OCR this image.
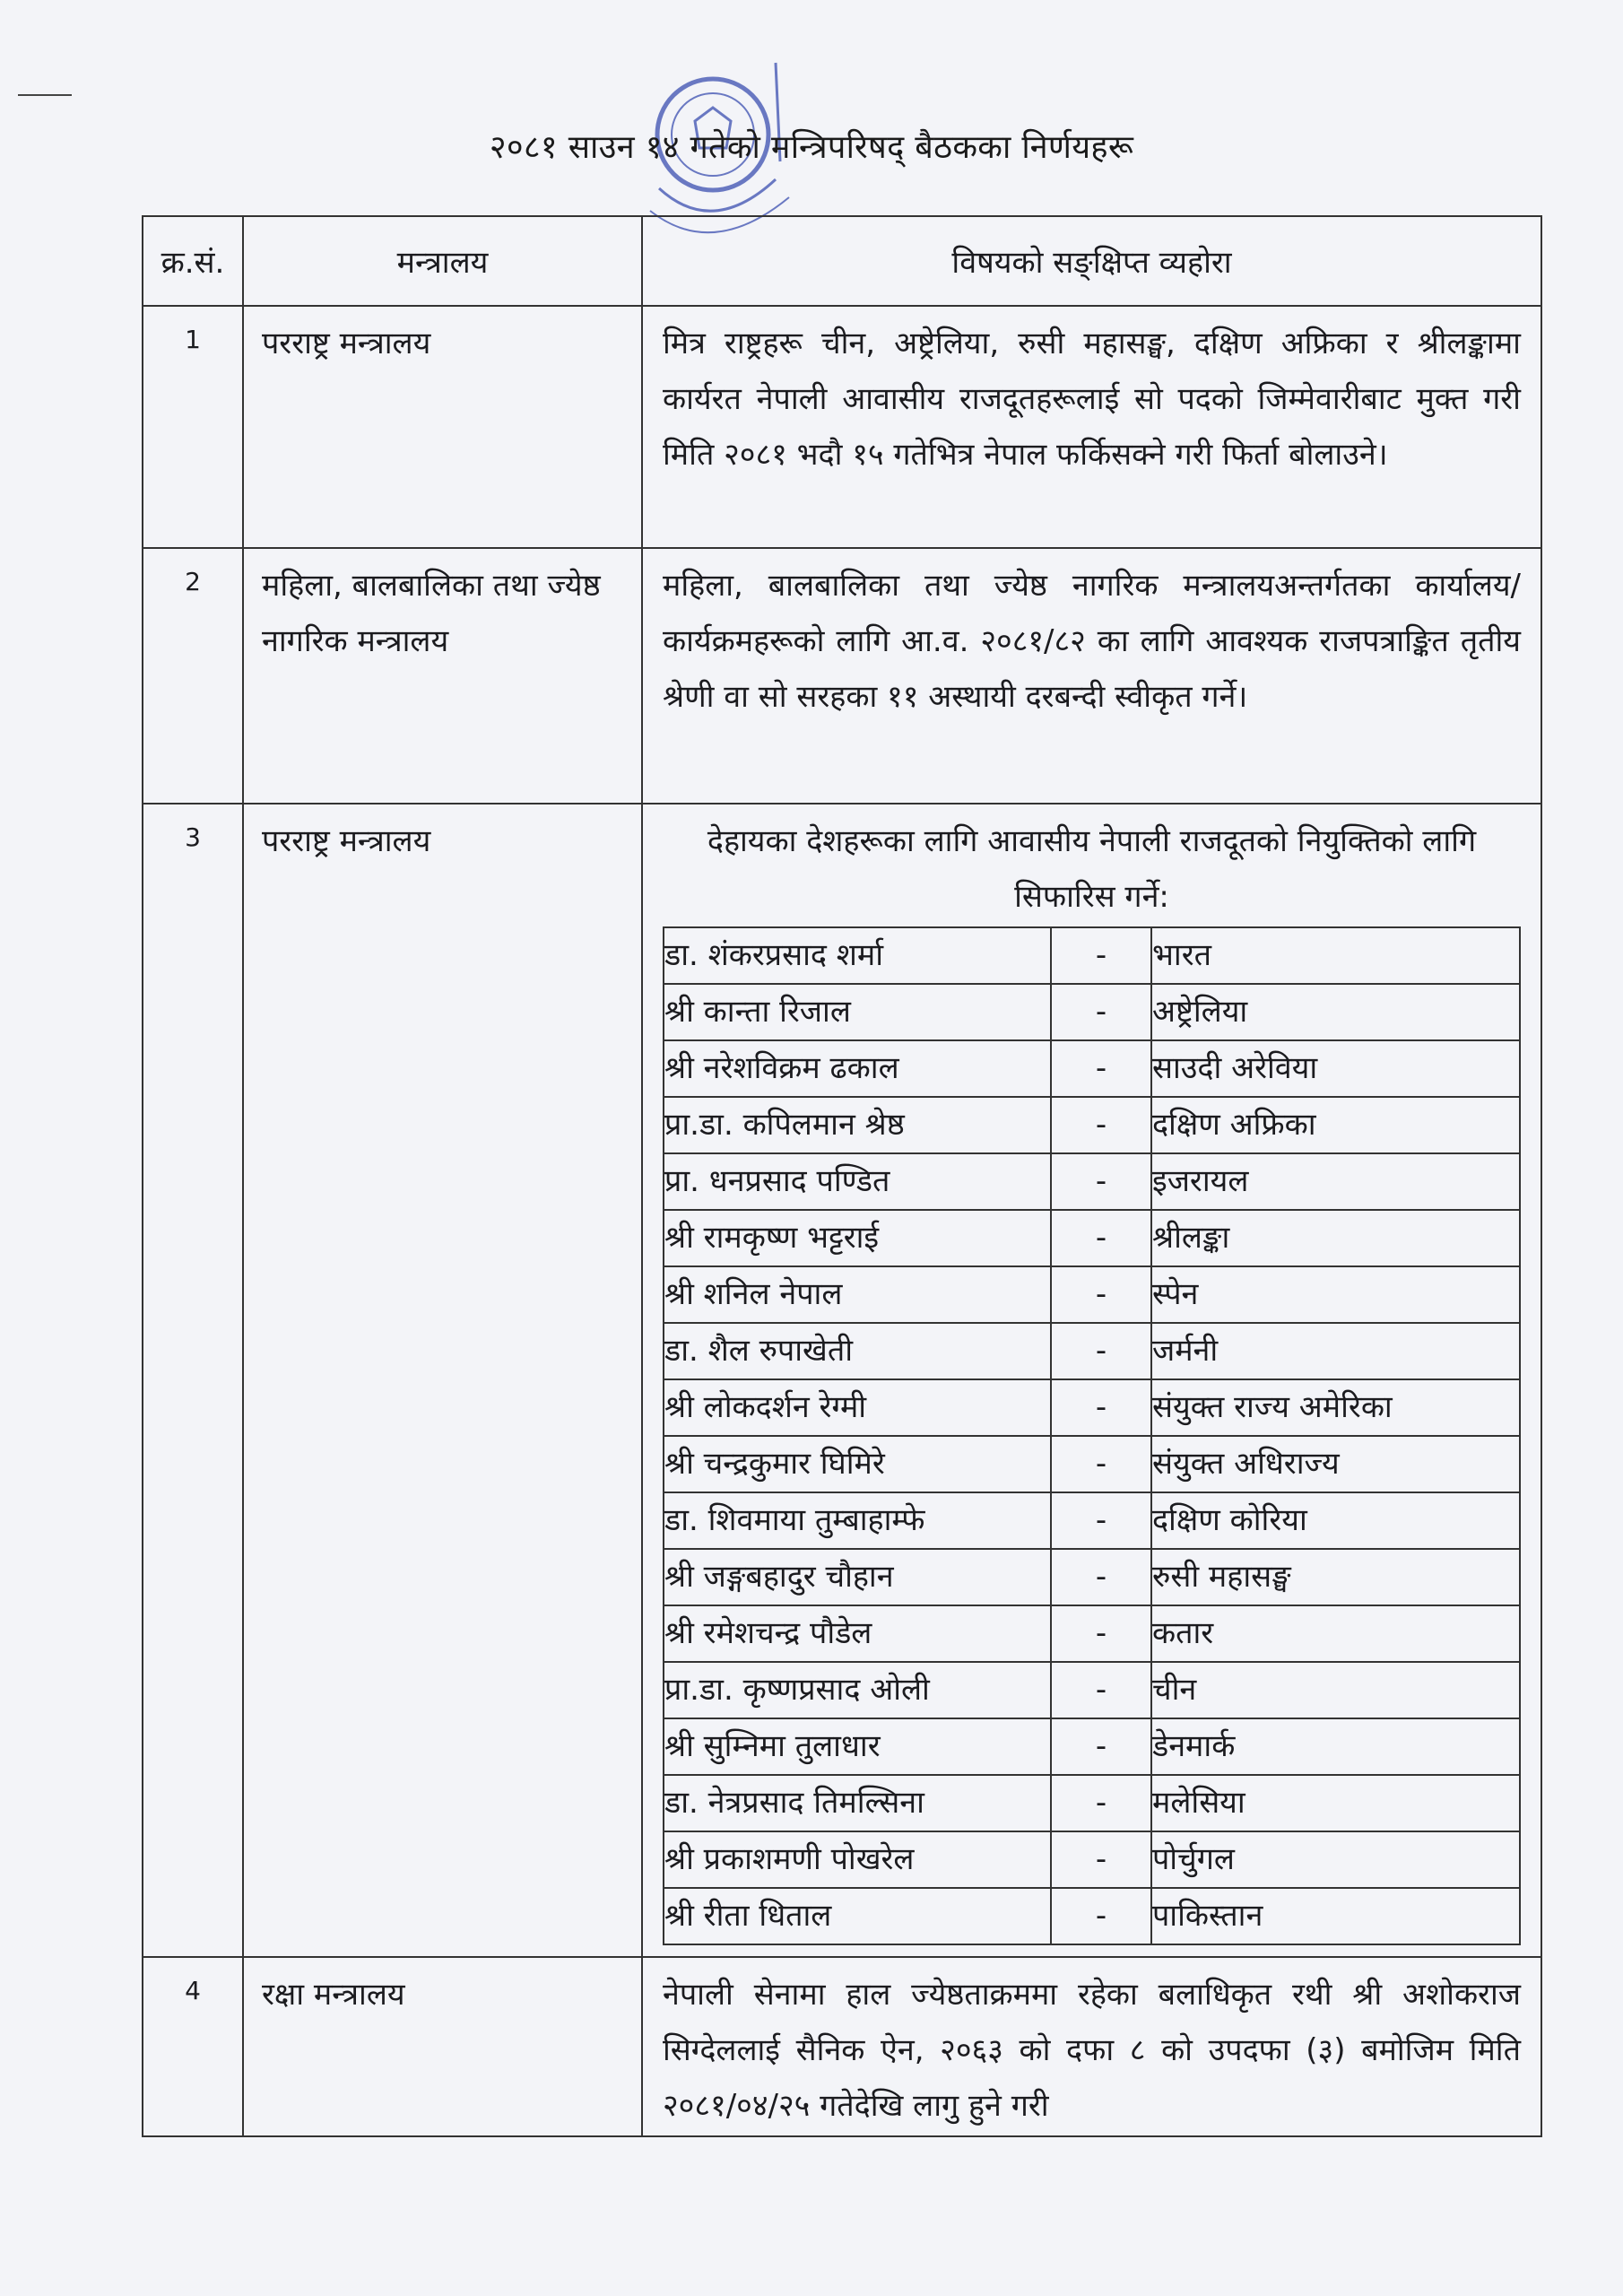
२०८१ साउन १४ गतेको मन्त्रिपरिषद् बैठकका निर्णयहरू
क्र.सं.	मन्त्रालय	विषयको सङ्क्षिप्त व्यहोरा
1	परराष्ट्र मन्त्रालय	मित्र राष्ट्रहरू चीन, अष्ट्रेलिया, रुसी महासङ्घ, दक्षिण अफ्रिका र श्रीलङ्कामा कार्यरत नेपाली आवासीय राजदूतहरूलाई सो पदको जिम्मेवारीबाट मुक्त गरी मिति २०८१ भदौ १५ गतेभित्र नेपाल फर्किसक्ने गरी फिर्ता बोलाउने।
2	महिला, बालबालिका तथा ज्येष्ठ नागरिक मन्त्रालय	महिला, बालबालिका तथा ज्येष्ठ नागरिक मन्त्रालयअन्तर्गतका कार्यालय/कार्यक्रमहरूको लागि आ.व. २०८१/८२ का लागि आवश्यक राजपत्राङ्कित तृतीय श्रेणी वा सो सरहका ११ अस्थायी दरबन्दी स्वीकृत गर्ने।
3	परराष्ट्र मन्त्रालय	देहायका देशहरूका लागि आवासीय नेपाली राजदूतको नियुक्तिको लागि सिफारिस गर्ने:
डा. शंकरप्रसाद शर्मा	-	भारत
श्री कान्ता रिजाल	-	अष्ट्रेलिया
श्री नरेशविक्रम ढकाल	-	साउदी अरेविया
प्रा.डा. कपिलमान श्रेष्ठ	-	दक्षिण अफ्रिका
प्रा. धनप्रसाद पण्डित	-	इजरायल
श्री रामकृष्ण भट्टराई	-	श्रीलङ्का
श्री शनिल नेपाल	-	स्पेन
डा. शैल रुपाखेती	-	जर्मनी
श्री लोकदर्शन रेग्मी	-	संयुक्त राज्य अमेरिका
श्री चन्द्रकुमार घिमिरे	-	संयुक्त अधिराज्य
डा. शिवमाया तुम्बाहाम्फे	-	दक्षिण कोरिया
श्री जङ्गबहादुर चौहान	-	रुसी महासङ्घ
श्री रमेशचन्द्र पौडेल	-	कतार
प्रा.डा. कृष्णप्रसाद ओली	-	चीन
श्री सुम्निमा तुलाधार	-	डेनमार्क
डा. नेत्रप्रसाद तिमल्सिना	-	मलेसिया
श्री प्रकाशमणी पोखरेल	-	पोर्चुगल
श्री रीता धिताल	-	पाकिस्तान

4	रक्षा मन्त्रालय	नेपाली सेनामा हाल ज्येष्ठताक्रममा रहेका बलाधिकृत रथी श्री अशोकराज सिग्देललाई सैनिक ऐन, २०६३ को दफा ८ को उपदफा (३) बमोजिम मिति २०८१/०४/२५ गतेदेखि लागु हुने गरी
